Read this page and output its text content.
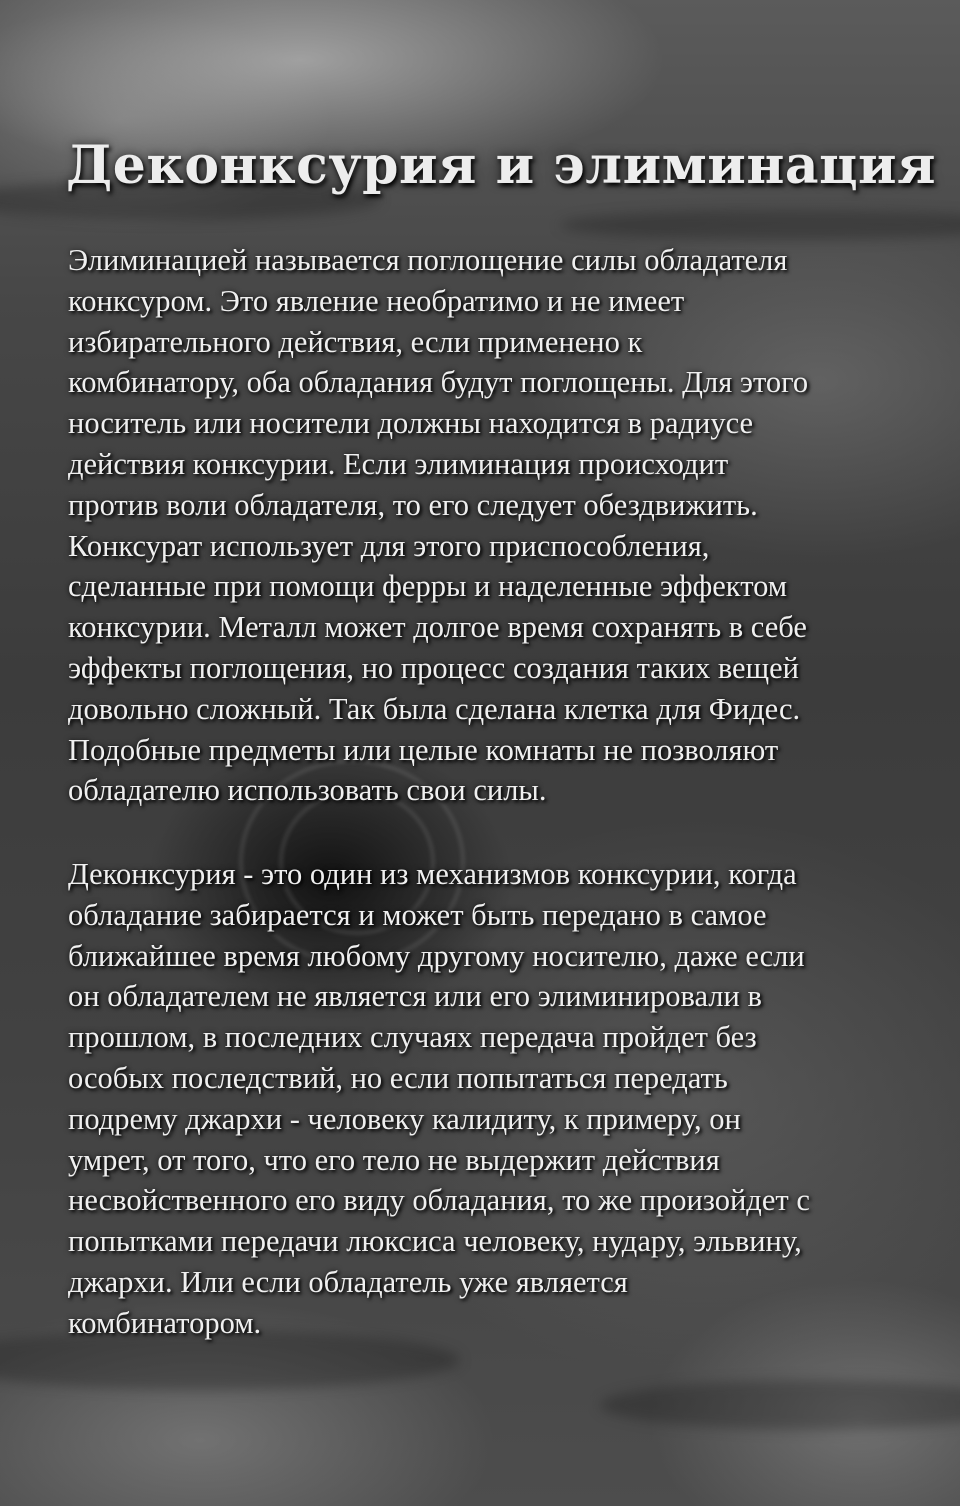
Деконксурия и элиминация
Элиминацией называется поглощение силы обладателя
конксуром. Это явление необратимо и не имеет
избирательного действия, если применено к
комбинатору, оба обладания будут поглощены. Для этого
носитель или носители должны находится в радиусе
действия конксурии. Если элиминация происходит
против воли обладателя, то его следует обездвижить.
Конксурат использует для этого приспособления,
сделанные при помощи ферры и наделенные эффектом
конксурии. Металл может долгое время сохранять в себе
эффекты поглощения, но процесс создания таких вещей
довольно сложный. Так была сделана клетка для Фидес.
Подобные предметы или целые комнаты не позволяют
обладателю использовать свои силы.
Деконксурия - это один из механизмов конксурии, когда
обладание забирается и может быть передано в самое
ближайшее время любому другому носителю, даже если
он обладателем не является или его элиминировали в
прошлом, в последних случаях передача пройдет без
особых последствий, но если попытаться передать
подрему джархи - человеку калидиту, к примеру, он
умрет, от того, что его тело не выдержит действия
несвойственного его виду обладания, то же произойдет с
попытками передачи люксиса человеку, нудару, эльвину,
джархи. Или если обладатель уже является
комбинатором.
